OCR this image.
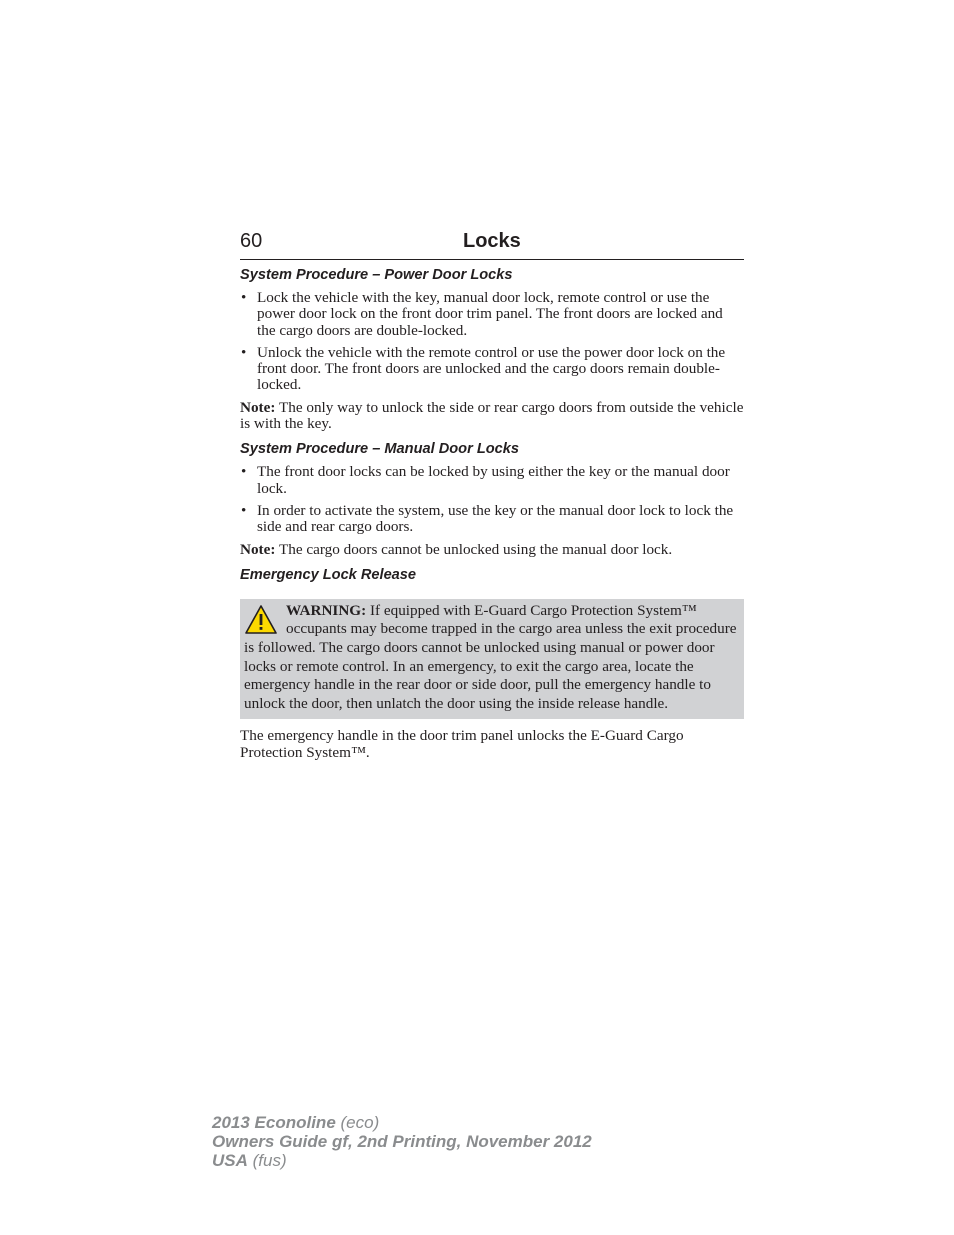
60	Locks
System Procedure – Power Door Locks
• Lock the vehicle with the key, manual door lock, remote control or use the power door lock on the front door trim panel. The front doors are locked and the cargo doors are double-locked.
• Unlock the vehicle with the remote control or use the power door lock on the front door. The front doors are unlocked and the cargo doors remain double-locked.

Note: The only way to unlock the side or rear cargo doors from outside the vehicle is with the key.

System Procedure – Manual Door Locks
• The front door locks can be locked by using either the key or the manual door lock.
• In order to activate the system, use the key or the manual door lock to lock the side and rear cargo doors.

Note: The cargo doors cannot be unlocked using the manual door lock.

Emergency Lock Release
WARNING: If equipped with E-Guard Cargo Protection System™ occupants may become trapped in the cargo area unless the exit procedure is followed. The cargo doors cannot be unlocked using manual or power door locks or remote control. In an emergency, to exit the cargo area, locate the emergency handle in the rear door or side door, pull the emergency handle to unlock the door, then unlatch the door using the inside release handle.

The emergency handle in the door trim panel unlocks the E-Guard Cargo Protection System™.

2013 Econoline (eco)
Owners Guide gf, 2nd Printing, November 2012
USA (fus)
